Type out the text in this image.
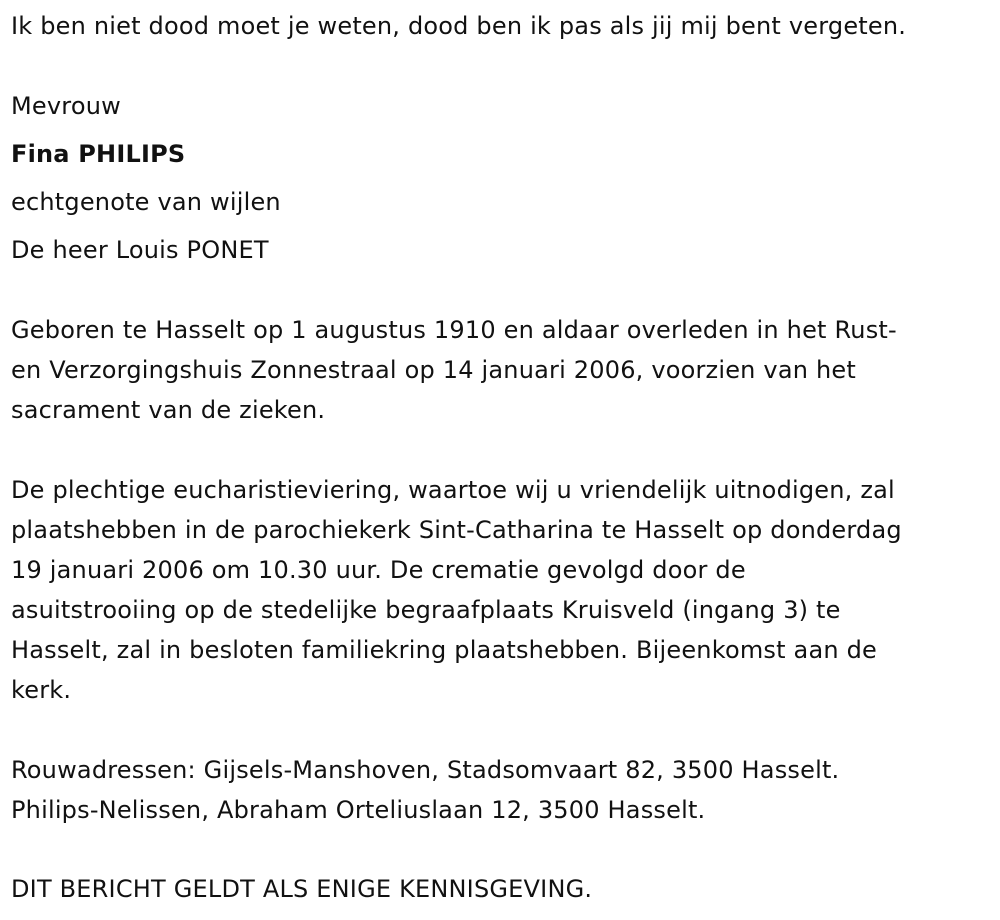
Ik ben niet dood moet je weten, dood ben ik pas als jij mij bent vergeten.
Mevrouw
Fina PHILIPS
echtgenote van wijlen
De heer Louis PONET
Geboren te Hasselt op 1 augustus 1910 en aldaar overleden in het Rust-
en Verzorgingshuis Zonnestraal op 14 januari 2006, voorzien van het
sacrament van de zieken.
De plechtige eucharistieviering, waartoe wij u vriendelijk uitnodigen, zal
plaatshebben in de parochiekerk Sint-Catharina te Hasselt op donderdag
19 januari 2006 om 10.30 uur. De crematie gevolgd door de
asuitstrooiing op de stedelijke begraafplaats Kruisveld (ingang 3) te
Hasselt, zal in besloten familiekring plaatshebben. Bijeenkomst aan de
kerk.
Rouwadressen: Gijsels-Manshoven, Stadsomvaart 82, 3500 Hasselt.
Philips-Nelissen, Abraham Orteliuslaan 12, 3500 Hasselt.
DIT BERICHT GELDT ALS ENIGE KENNISGEVING.
